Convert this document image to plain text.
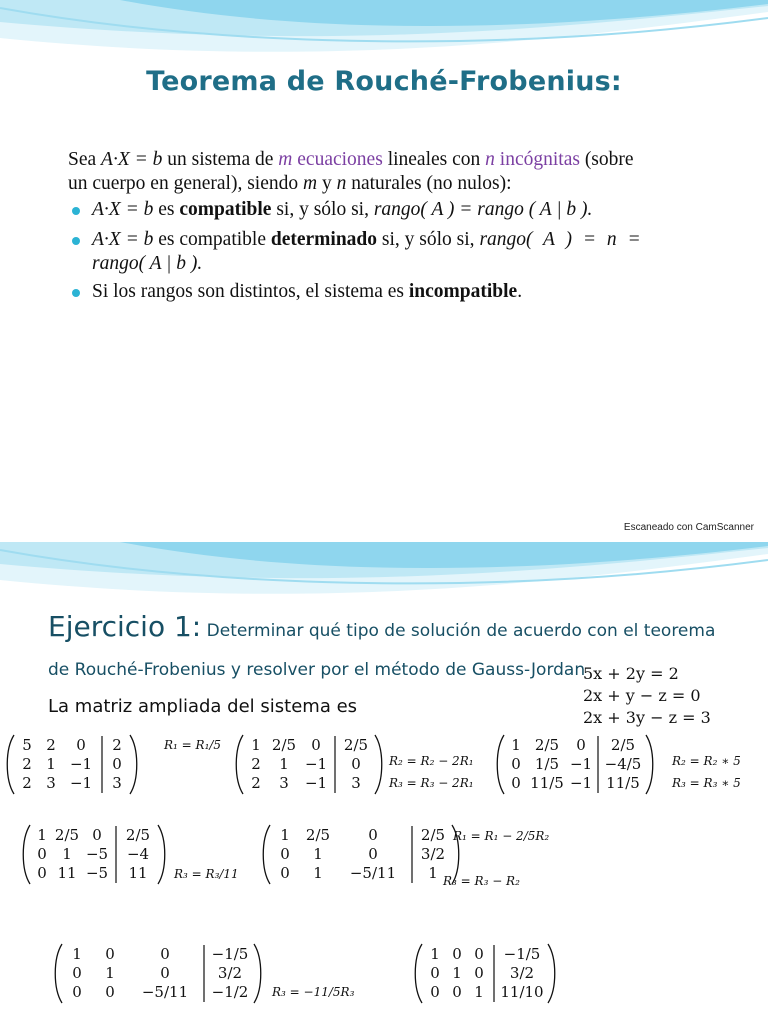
Teorema de Rouché-Frobenius:
Sea A·X = b un sistema de m ecuaciones lineales con n incógnitas (sobre
un cuerpo en general), siendo m y n naturales (no nulos):
A·X = b es compatible si, y sólo si, rango( A ) = rango ( A | b ).
A·X = b es compatible determinado si, y sólo si, rango( A ) = n =
rango( A | b ).
Si los rangos son distintos, el sistema es incompatible.
Escaneado con CamScanner
Ejercicio 1: Determinar qué tipo de solución de acuerdo con el teorema
de Rouché-Frobenius y resolver por el método de Gauss-Jordan
5x + 2y = 2
2x + y − z = 0
2x + 3y − z = 3
La matriz ampliada del sistema es
5 2	0	2
2 1 −1	0
2 3 −1	3
1 2/5	0	2/5
2	1	−1	0
2	3	−1	3
1 2/5	0	2/5
0 1/5 −1 −4/5
0 11/5 −1 11/5
1 2/5 0	2/5
0	1 −5	−4
0 11 −5	11
1	2/5	0	2/5
0	1	0	3/2
0	1	−5/11	1
1	0	0	−1/5
0	1	0	3/2
0	0	−5/11	−1/2
1 0 0	−1/5
0 1 0	3/2
0 0 1	11/10
R₁ = R₁/5
R₂ = R₂ − 2R₁
R₃ = R₃ − 2R₁
R₂ = R₂ ∗ 5
R₃ = R₃ ∗ 5
R₃ = R₃/11
R₁ = R₁ − 2/5R₂
R₃ = R₃ − R₂
R₃ = −11/5R₃
